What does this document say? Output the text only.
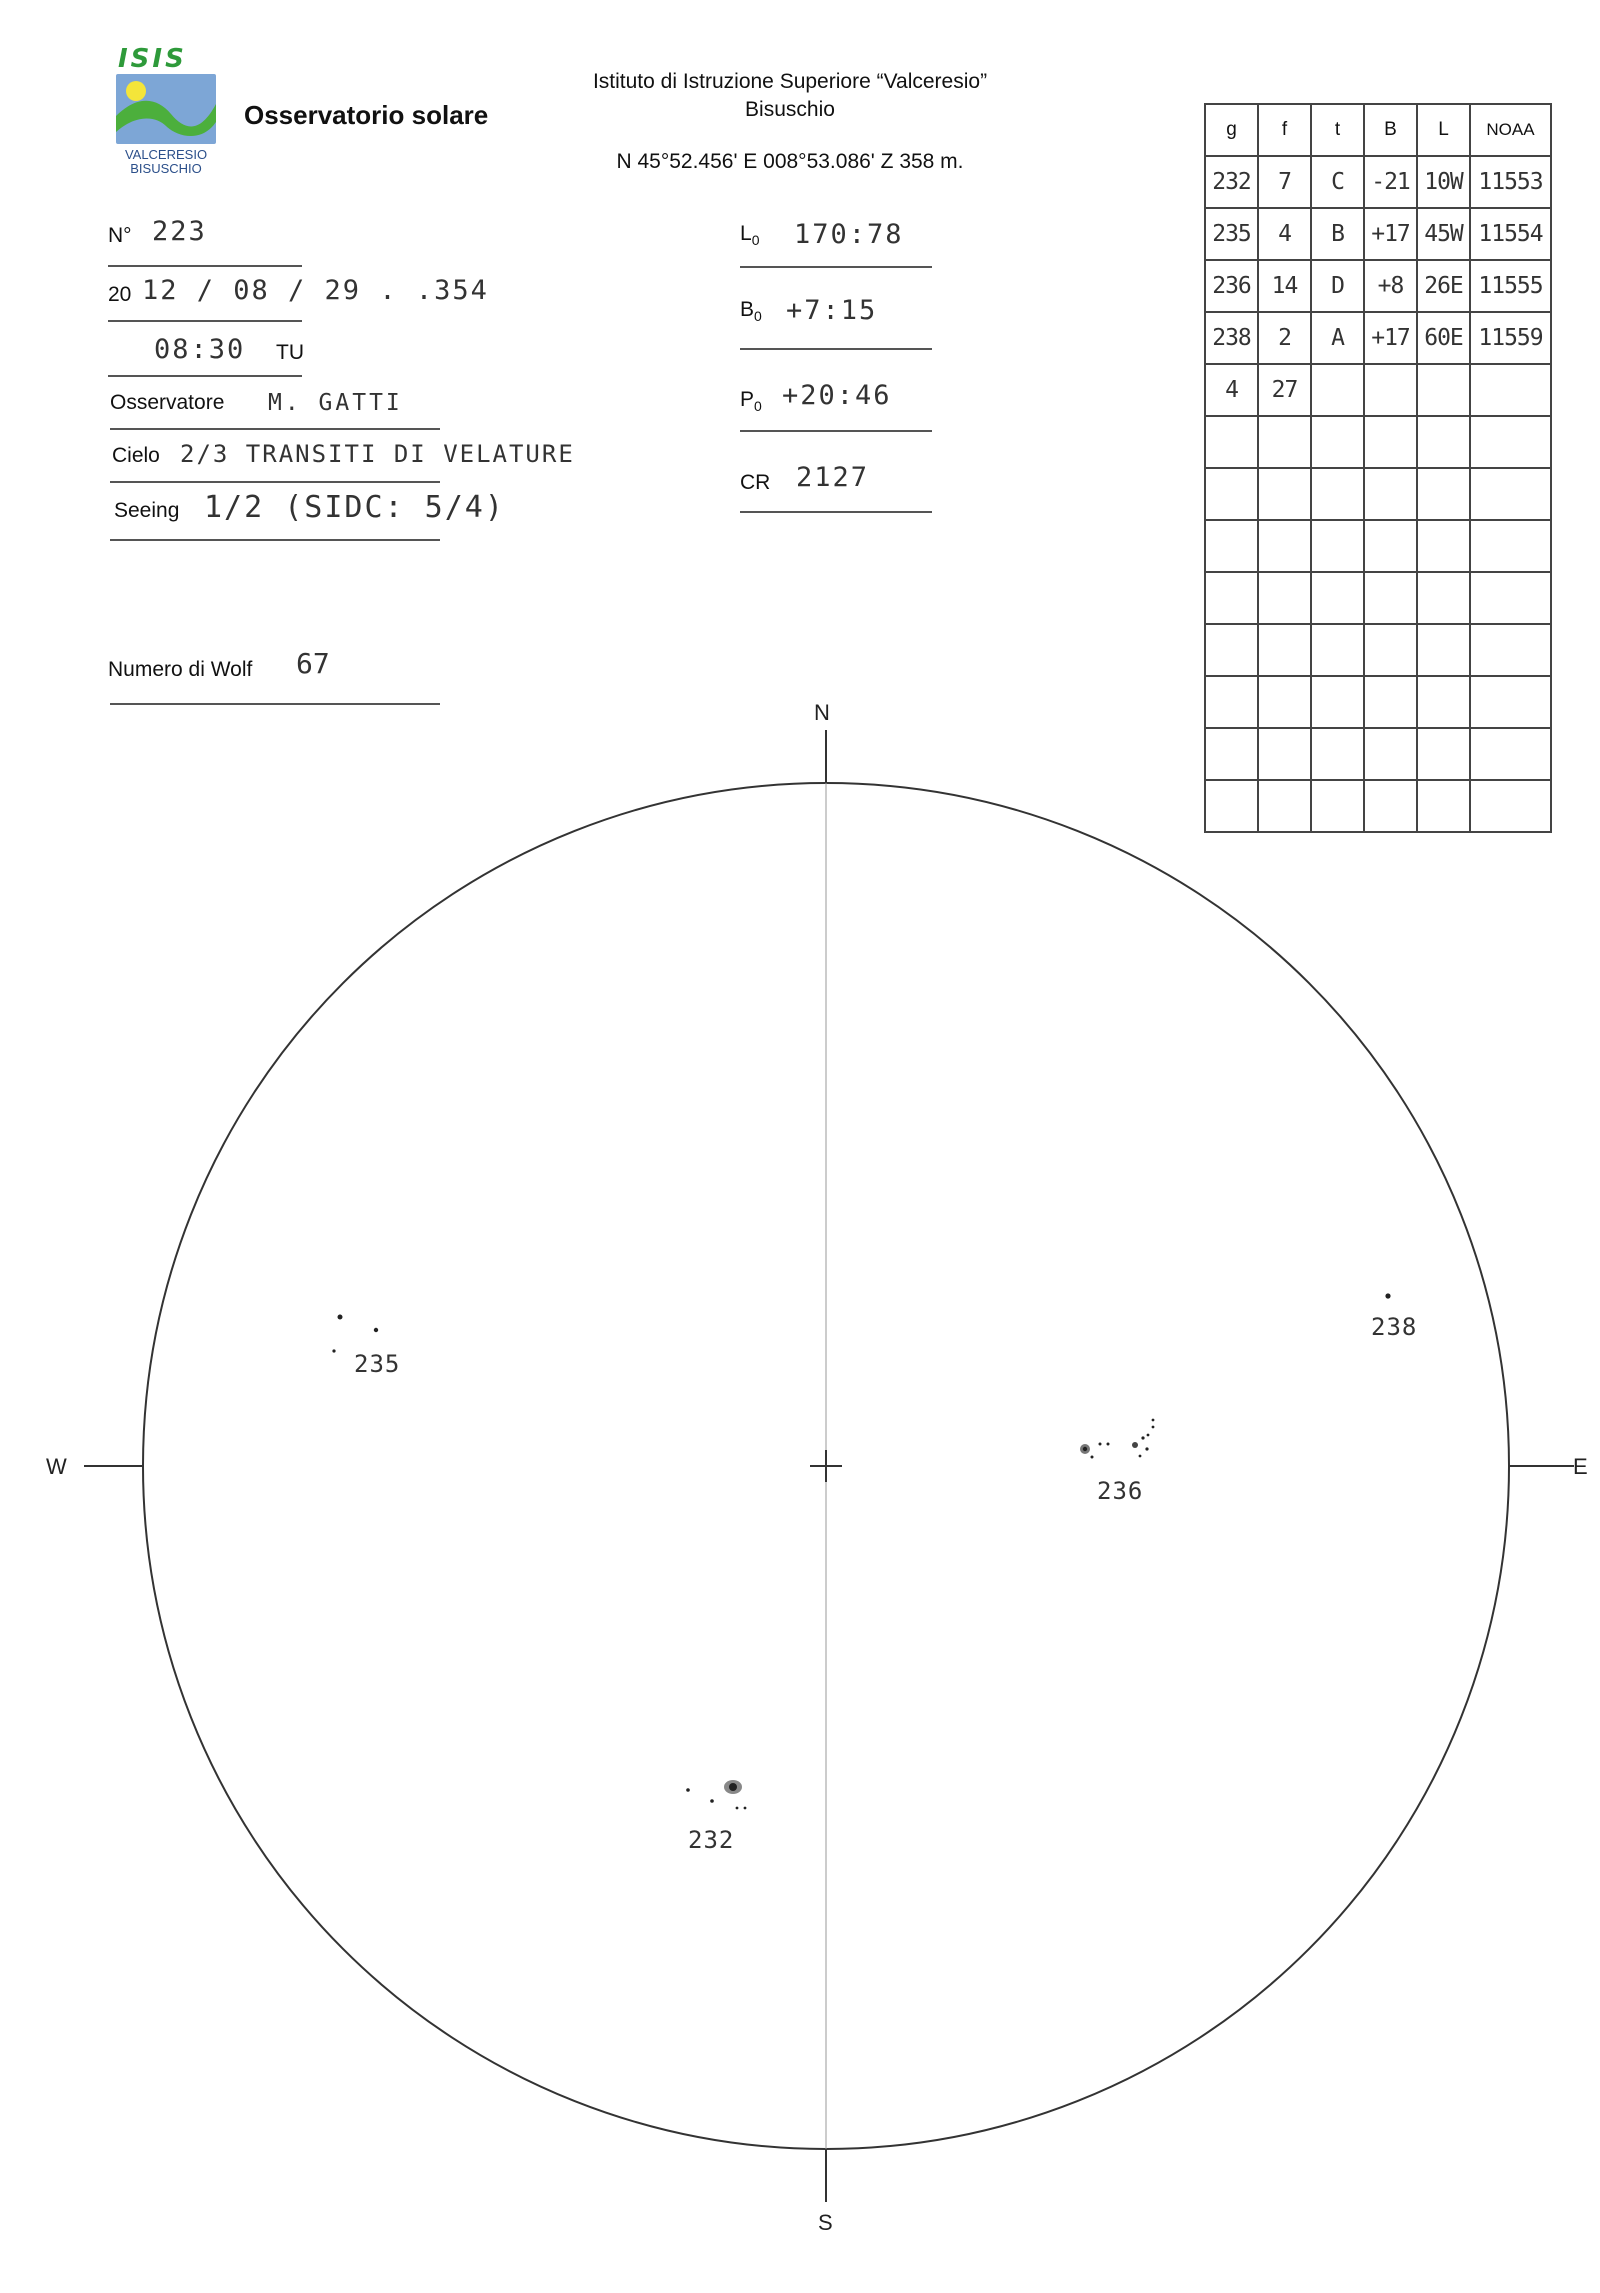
ISIS
VALCERESIO
BISUSCHIO
Osservatorio solare
Istituto di Istruzione Superiore “Valceresio”
Bisuschio
N 45°52.456' E 008°53.086' Z 358 m.
N° 223
20 12 / 08 / 29 . .354
08:30 TU
Osservatore M. GATTI
Cielo 2/3 TRANSITI DI VELATURE
Seeing 1/2 (SIDC: 5/4)
Numero di Wolf 67
$L_0$ 170:78
$B_0$ +7:15
$P_0$ +20:46
CR 2127
g	f	t	B	L	NOAA
232	7	C	-21	10W	11553
235	4	B	+17	45W	11554
236	14	D	+8	26E	11555
238	2	A	+17	60E	11559
4	27				

N
S
W	E
235
238
236
232
